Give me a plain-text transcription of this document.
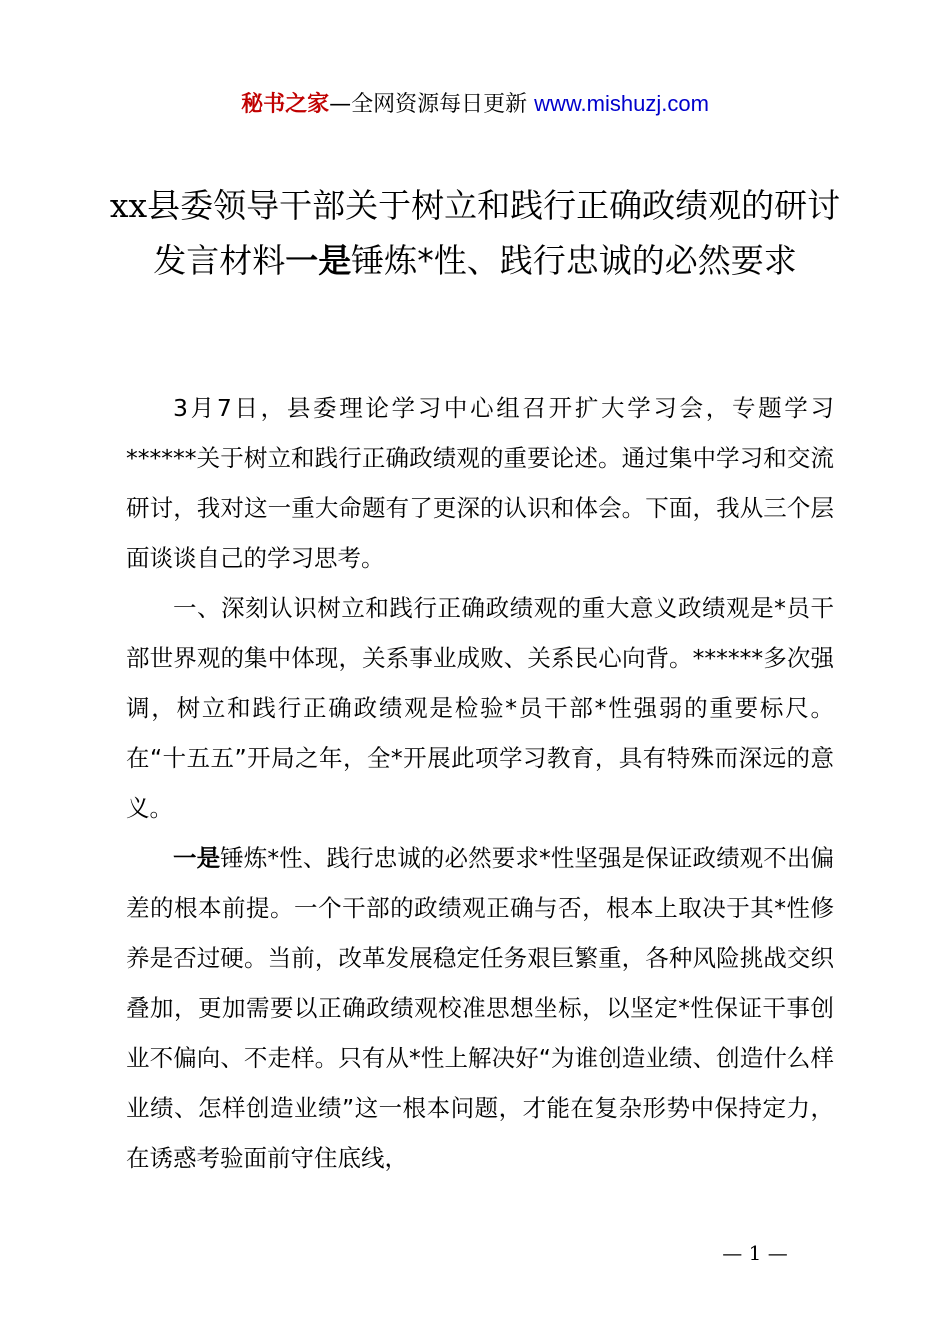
秘书之家—全网资源每日更新 www.mishuzj.com
xx县委领导干部关于树立和践行正确政绩观的研讨发言材料一是锤炼*性、践行忠诚的必然要求

3月7日，县委理论学习中心组召开扩大学习会，专题学习******关于树立和践行正确政绩观的重要论述。通过集中学习和交流研讨，我对这一重大命题有了更深的认识和体会。下面，我从三个层面谈谈自己的学习思考。

一、深刻认识树立和践行正确政绩观的重大意义政绩观是*员干部世界观的集中体现，关系事业成败、关系民心向背。******多次强调，树立和践行正确政绩观是检验*员干部*性强弱的重要标尺。在“十五五”开局之年，全*开展此项学习教育，具有特殊而深远的意义。

一是锤炼*性、践行忠诚的必然要求*性坚强是保证政绩观不出偏差的根本前提。一个干部的政绩观正确与否，根本上取决于其*性修养是否过硬。当前，改革发展稳定任务艰巨繁重，各种风险挑战交织叠加，更加需要以正确政绩观校准思想坐标，以坚定*性保证干事创业不偏向、不走样。只有从*性上解决好“为谁创造业绩、创造什么样业绩、怎样创造业绩”这一根本问题，才能在复杂形势中保持定力，在诱惑考验面前守住底线，

— 1 —
